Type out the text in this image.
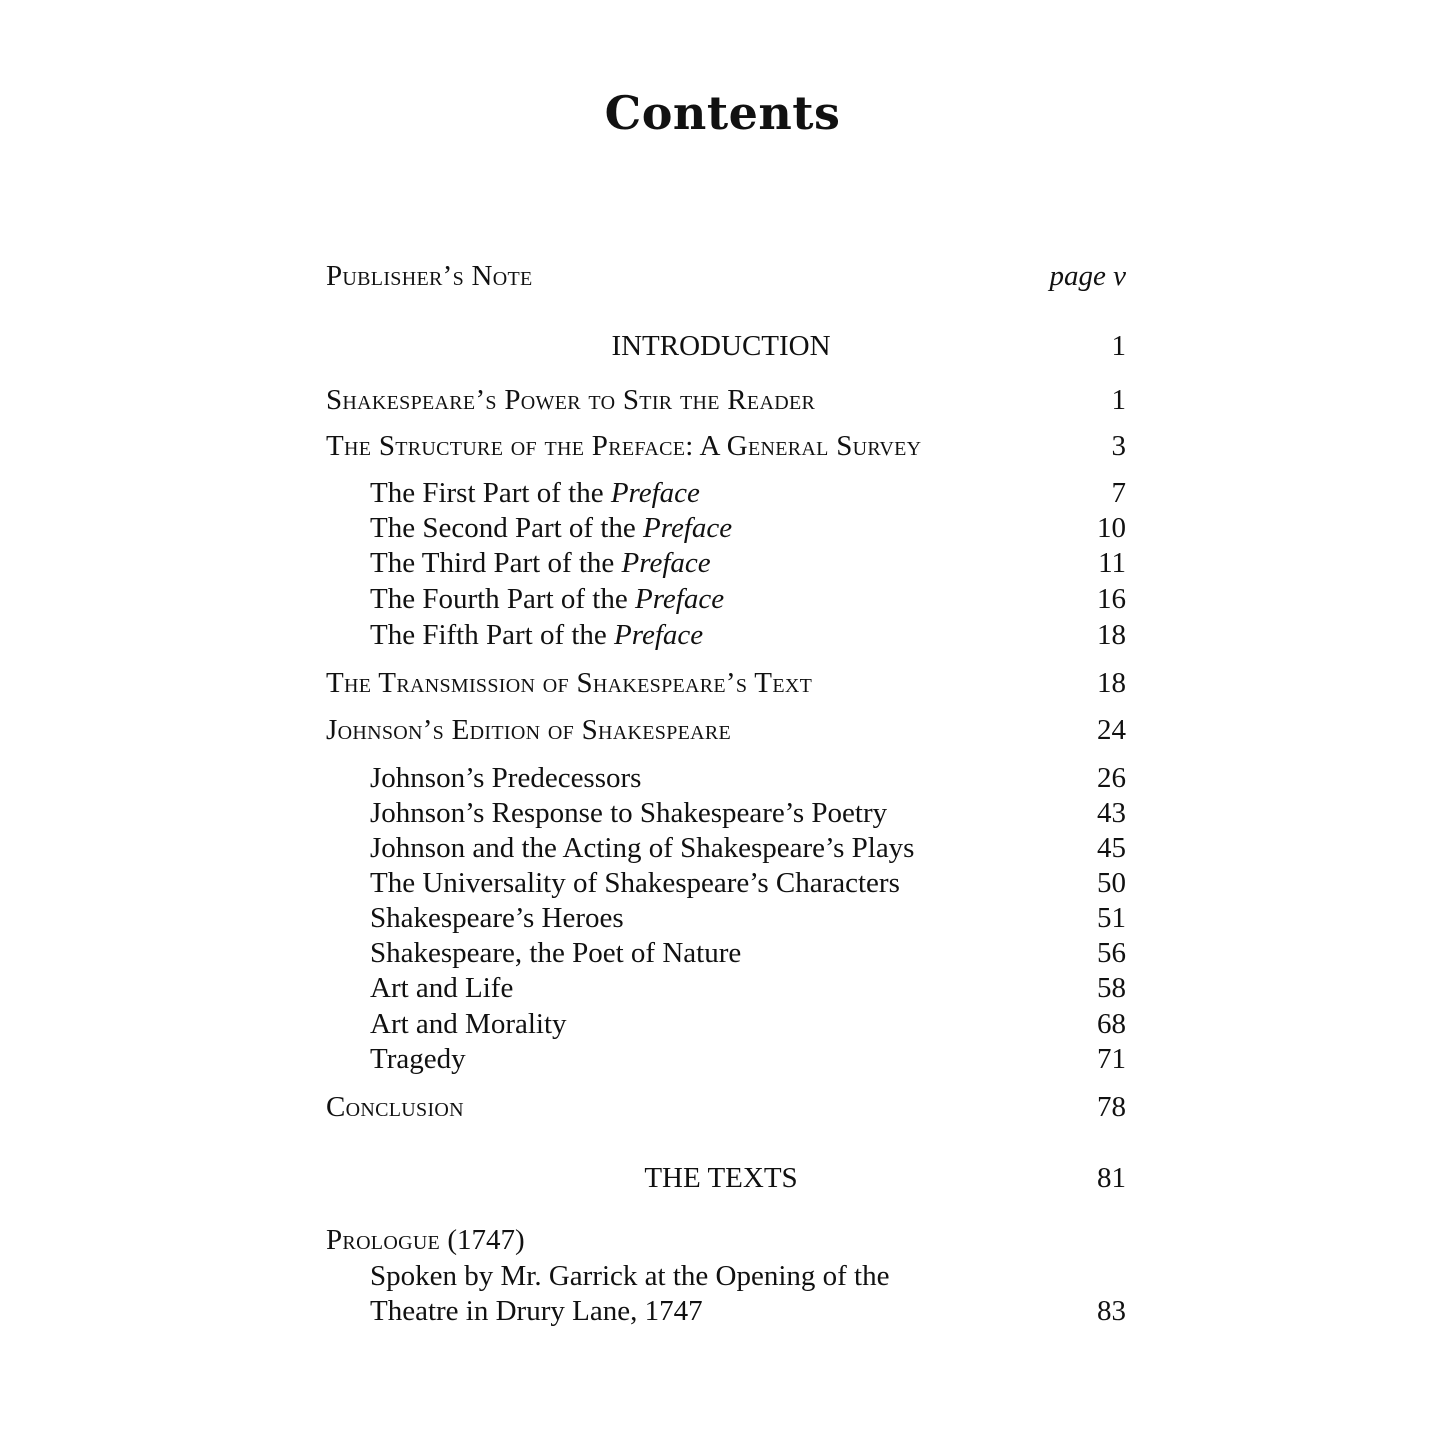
Contents
Publisher’s Note	page v
INTRODUCTION	1
Shakespeare’s Power to Stir the Reader	1
The Structure of the Preface: A General Survey	3
The First Part of the Preface	7
The Second Part of the Preface	10
The Third Part of the Preface	11
The Fourth Part of the Preface	16
The Fifth Part of the Preface	18
The Transmission of Shakespeare’s Text	18
Johnson’s Edition of Shakespeare	24
Johnson’s Predecessors	26
Johnson’s Response to Shakespeare’s Poetry	43
Johnson and the Acting of Shakespeare’s Plays	45
The Universality of Shakespeare’s Characters	50
Shakespeare’s Heroes	51
Shakespeare, the Poet of Nature	56
Art and Life	58
Art and Morality	68
Tragedy	71
Conclusion	78
THE TEXTS	81
Prologue (1747)
Spoken by Mr. Garrick at the Opening of the
Theatre in Drury Lane, 1747	83
